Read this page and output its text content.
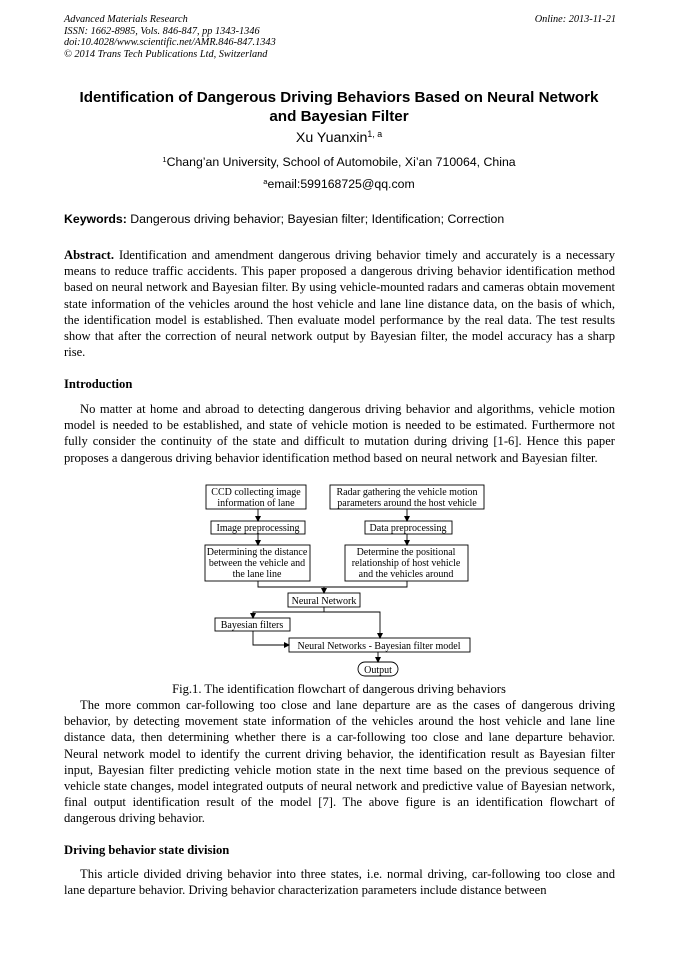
Advanced Materials Research
ISSN: 1662-8985, Vols. 846-847, pp 1343-1346
doi:10.4028/www.scientific.net/AMR.846-847.1343
© 2014 Trans Tech Publications Ltd, Switzerland
Online: 2013-11-21
Identification of Dangerous Driving Behaviors Based on Neural Network
and Bayesian Filter
Xu Yuanxin$^{1, a}$
$^1$Chang’an University, School of Automobile, Xi’an 710064, China
$^a$email:599168725@qq.com
Keywords: Dangerous driving behavior; Bayesian filter; Identification; Correction
Abstract. Identification and amendment dangerous driving behavior timely and accurately is a necessary means to reduce traffic accidents. This paper proposed a dangerous driving behavior identification method based on neural network and Bayesian filter. By using vehicle-mounted radars and cameras obtain movement state information of the vehicles around the host vehicle and lane line distance data, on the basis of which, the identification model is established. Then evaluate model performance by the real data. The test results show that after the correction of neural network output by Bayesian filter, the model accuracy has a sharp rise.
Introduction
No matter at home and abroad to detecting dangerous driving behavior and algorithms, vehicle motion model is needed to be established, and state of vehicle motion is needed to be estimated. Furthermore not fully consider the continuity of the state and difficult to mutation during driving [1-6]. Hence this paper proposes a dangerous driving behavior identification method based on neural network and Bayesian filter.
CCD collecting image
information of lane
Radar gathering the vehicle motion
parameters around the host vehicle
Image preprocessing	Data preprocessing
Determining the distance
between the vehicle and
the lane line
Determine the positional
relationship of host vehicle
and the vehicles around
Neural Network
Bayesian filters
Neural Networks - Bayesian filter model
Output
Fig.1. The identification flowchart of dangerous driving behaviors
The more common car-following too close and lane departure are as the cases of dangerous driving behavior, by detecting movement state information of the vehicles around the host vehicle and lane line distance data, then determining whether there is a car-following too close and lane departure behavior. Neural network model to identify the current driving behavior, the identification result as Bayesian filter input, Bayesian filter predicting vehicle motion state in the next time based on the previous sequence of vehicle state changes, model integrated outputs of neural network and predictive value of Bayesian network, final output identification result of the model [7]. The above figure is an identification flowchart of dangerous driving behavior.
Driving behavior state division
This article divided driving behavior into three states, i.e. normal driving, car-following too close and lane departure behavior. Driving behavior characterization parameters include distance between
